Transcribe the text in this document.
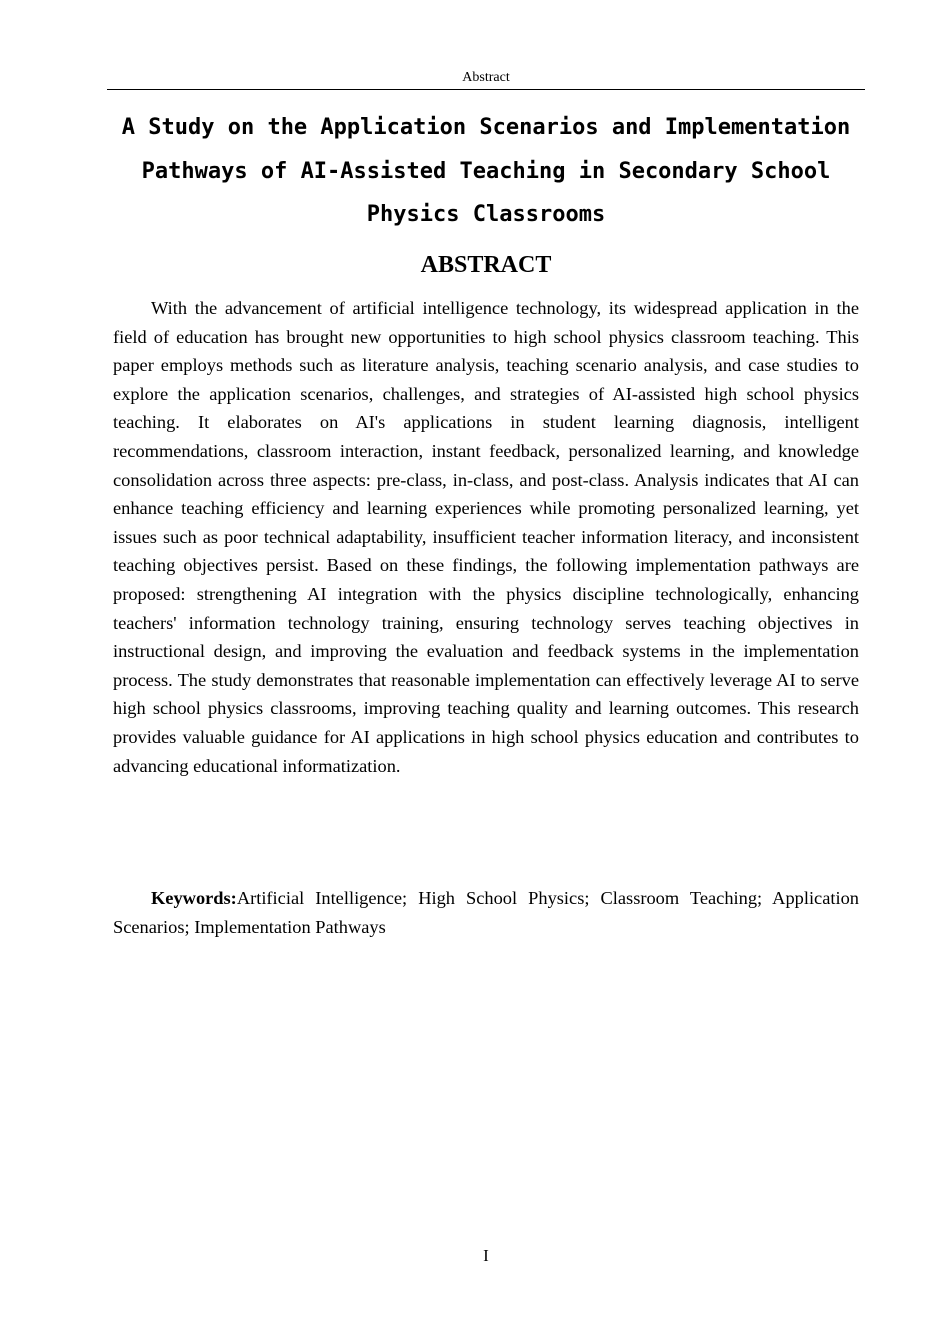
Abstract
A Study on the Application Scenarios and Implementation Pathways of AI-Assisted Teaching in Secondary School Physics Classrooms
ABSTRACT

With the advancement of artificial intelligence technology, its widespread application in the field of education has brought new opportunities to high school physics classroom teaching. This paper employs methods such as literature analysis, teaching scenario analysis, and case studies to explore the application scenarios, challenges, and strategies of AI-assisted high school physics teaching. It elaborates on AI's applications in student learning diagnosis, intelligent recommendations, classroom interaction, instant feedback, personalized learning, and knowledge consolidation across three aspects: pre-class, in-class, and post-class. Analysis indicates that AI can enhance teaching efficiency and learning experiences while promoting personalized learning, yet issues such as poor technical adaptability, insufficient teacher information literacy, and inconsistent teaching objectives persist. Based on these findings, the following implementation pathways are proposed: strengthening AI integration with the physics discipline technologically, enhancing teachers' information technology training, ensuring technology serves teaching objectives in instructional design, and improving the evaluation and feedback systems in the implementation process. The study demonstrates that reasonable implementation can effectively leverage AI to serve high school physics classrooms, improving teaching quality and learning outcomes. This research provides valuable guidance for AI applications in high school physics education and contributes to advancing educational informatization.

Keywords:Artificial Intelligence; High School Physics; Classroom Teaching; Application Scenarios; Implementation Pathways

I
